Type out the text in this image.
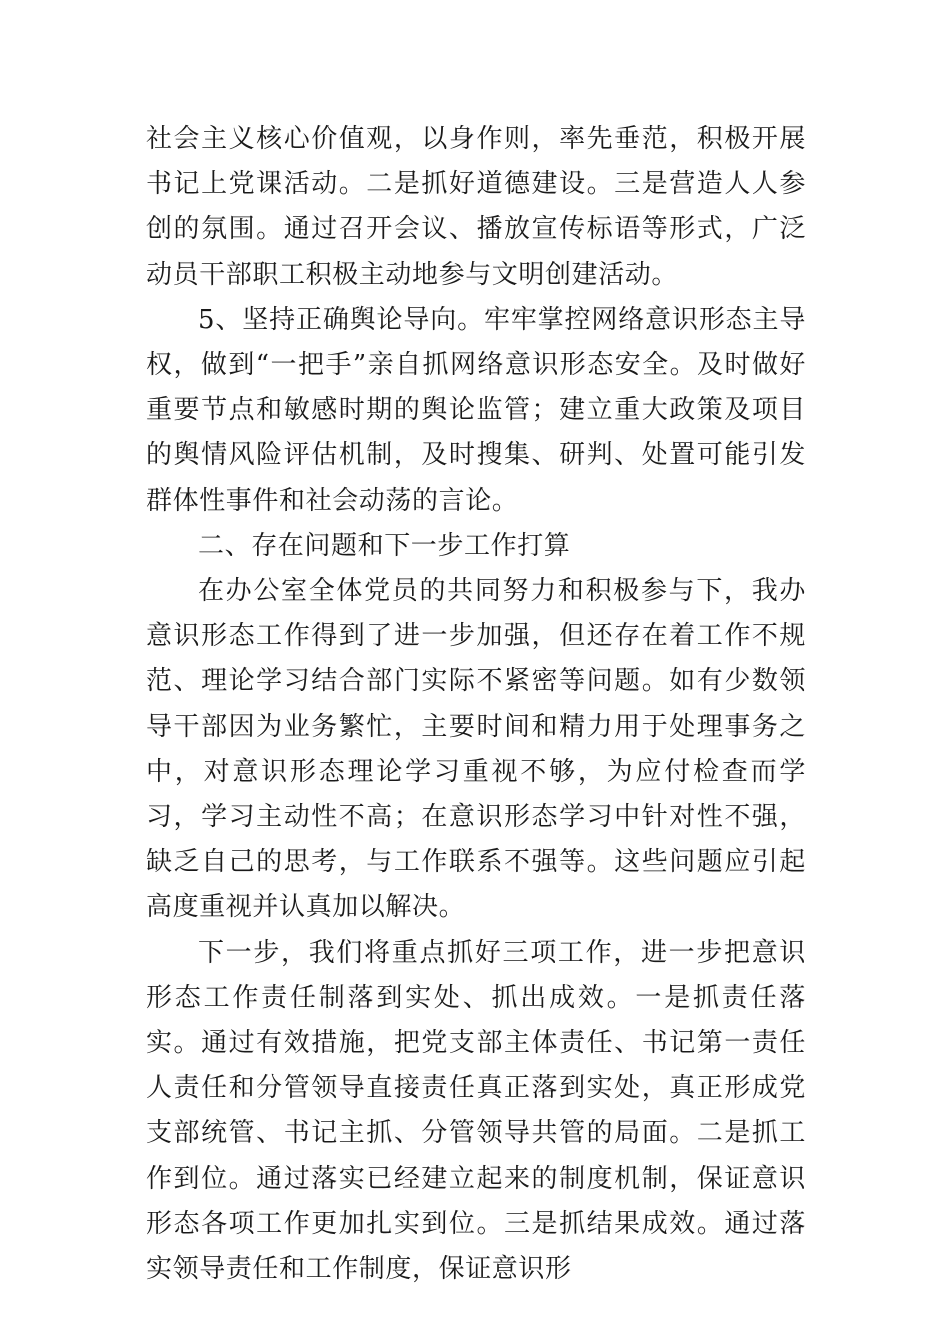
社会主义核心价值观，以身作则，率先垂范，积极开展书记上党课活动。二是抓好道德建设。三是营造人人参创的氛围。通过召开会议、播放宣传标语等形式，广泛动员干部职工积极主动地参与文明创建活动。

5、坚持正确舆论导向。牢牢掌控网络意识形态主导权，做到“一把手”亲自抓网络意识形态安全。及时做好重要节点和敏感时期的舆论监管；建立重大政策及项目的舆情风险评估机制，及时搜集、研判、处置可能引发群体性事件和社会动荡的言论。

二、存在问题和下一步工作打算

在办公室全体党员的共同努力和积极参与下，我办意识形态工作得到了进一步加强，但还存在着工作不规范、理论学习结合部门实际不紧密等问题。如有少数领导干部因为业务繁忙，主要时间和精力用于处理事务之中，对意识形态理论学习重视不够，为应付检查而学习，学习主动性不高；在意识形态学习中针对性不强，缺乏自己的思考，与工作联系不强等。这些问题应引起高度重视并认真加以解决。

下一步，我们将重点抓好三项工作，进一步把意识形态工作责任制落到实处、抓出成效。一是抓责任落实。通过有效措施，把党支部主体责任、书记第一责任人责任和分管领导直接责任真正落到实处，真正形成党支部统管、书记主抓、分管领导共管的局面。二是抓工作到位。通过落实已经建立起来的制度机制，保证意识形态各项工作更加扎实到位。三是抓结果成效。通过落实领导责任和工作制度，保证意识形
